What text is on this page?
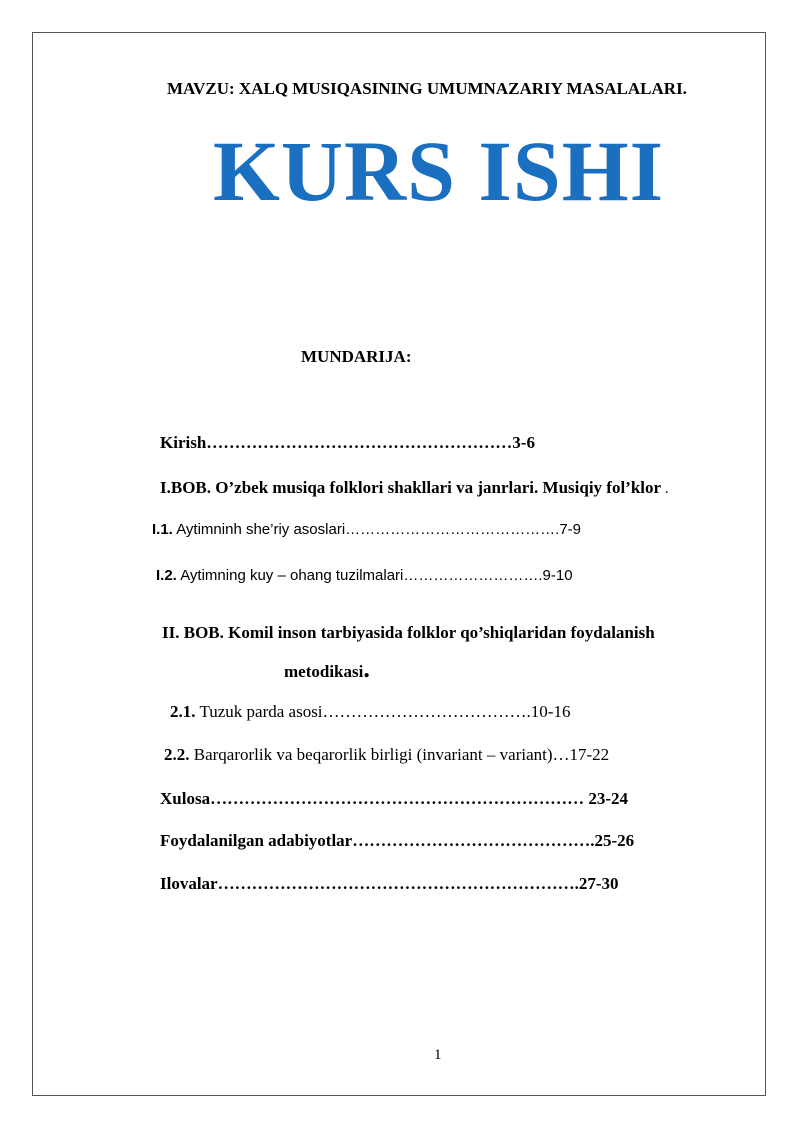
MAVZU: XALQ MUSIQASINING UMUMNAZARIY MASALALARI.
KURS ISHI
MUNDARIJA:
Kirish………………………………………………3-6
I.BOB. O’zbek musiqa folklori shakllari va janrlari. Musiqiy fol’klor .
I.1. Aytimninh she’riy asoslari…………………………………….7-9
I.2. Aytimning kuy – ohang tuzilmalari……………………….9-10
II. BOB. Komil inson tarbiyasida folklor qo’shiqlaridan foydalanish
metodikasi.
2.1. Tuzuk parda asosi……………………………….10-16
2.2. Barqarorlik va beqarorlik birligi (invariant – variant)…17-22
Xulosa………………………………………………………… 23-24
Foydalanilgan adabiyotlar…………………………………….25-26
Ilovalar……………………………………………………….27-30
1
